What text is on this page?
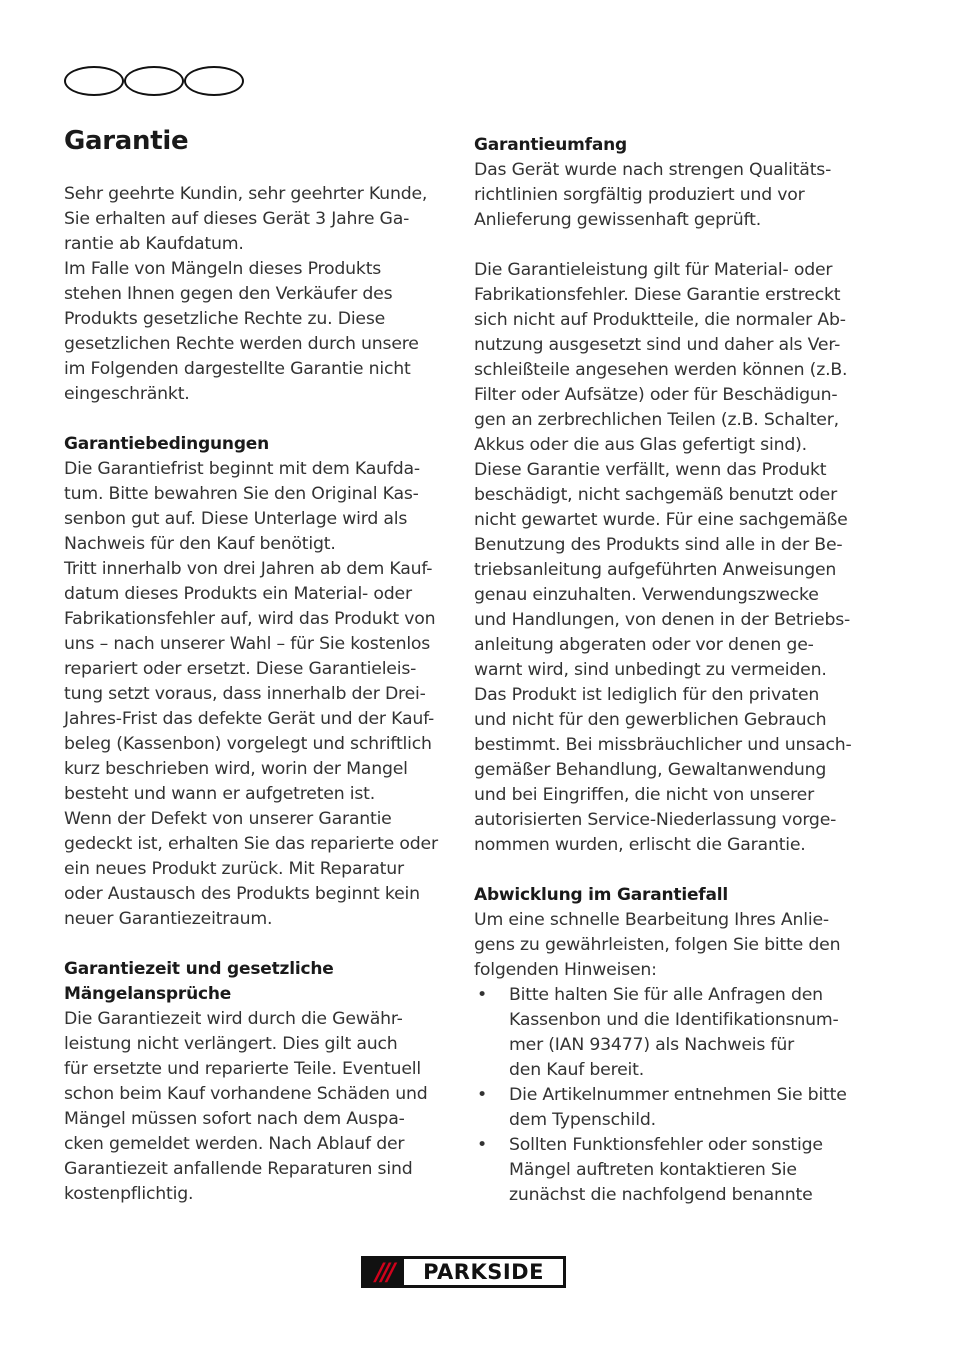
Garantie

Sehr geehrte Kundin, sehr geehrter Kunde,
Sie erhalten auf dieses Gerät 3 Jahre Ga-
rantie ab Kaufdatum.
Im Falle von Mängeln dieses Produkts
stehen Ihnen gegen den Verkäufer des
Produkts gesetzliche Rechte zu. Diese
gesetzlichen Rechte werden durch unsere
im Folgenden dargestellte Garantie nicht
eingeschränkt.

Garantiebedingungen

Die Garantiefrist beginnt mit dem Kaufda-
tum. Bitte bewahren Sie den Original Kas-
senbon gut auf. Diese Unterlage wird als
Nachweis für den Kauf benötigt.
Tritt innerhalb von drei Jahren ab dem Kauf-
datum dieses Produkts ein Material- oder
Fabrikationsfehler auf, wird das Produkt von
uns – nach unserer Wahl – für Sie kostenlos
repariert oder ersetzt. Diese Garantieleis-
tung setzt voraus, dass innerhalb der Drei-
Jahres-Frist das defekte Gerät und der Kauf-
beleg (Kassenbon) vorgelegt und schriftlich
kurz beschrieben wird, worin der Mangel
besteht und wann er aufgetreten ist.
Wenn der Defekt von unserer Garantie
gedeckt ist, erhalten Sie das reparierte oder
ein neues Produkt zurück. Mit Reparatur
oder Austausch des Produkts beginnt kein
neuer Garantiezeitraum.

Garantiezeit und gesetzliche
Mängelansprüche

Die Garantiezeit wird durch die Gewähr-
leistung nicht verlängert. Dies gilt auch
für ersetzte und reparierte Teile. Eventuell
schon beim Kauf vorhandene Schäden und
Mängel müssen sofort nach dem Auspa-
cken gemeldet werden. Nach Ablauf der
Garantiezeit anfallende Reparaturen sind
kostenpflichtig.

Garantieumfang

Das Gerät wurde nach strengen Qualitäts-
richtlinien sorgfältig produziert und vor
Anlieferung gewissenhaft geprüft.

Die Garantieleistung gilt für Material- oder
Fabrikationsfehler. Diese Garantie erstreckt
sich nicht auf Produktteile, die normaler Ab-
nutzung ausgesetzt sind und daher als Ver-
schleißteile angesehen werden können (z.B.
Filter oder Aufsätze) oder für Beschädigun-
gen an zerbrechlichen Teilen (z.B. Schalter,
Akkus oder die aus Glas gefertigt sind).
Diese Garantie verfällt, wenn das Produkt
beschädigt, nicht sachgemäß benutzt oder
nicht gewartet wurde. Für eine sachgemäße
Benutzung des Produkts sind alle in der Be-
triebsanleitung aufgeführten Anweisungen
genau einzuhalten. Verwendungszwecke
und Handlungen, von denen in der Betriebs-
anleitung abgeraten oder vor denen ge-
warnt wird, sind unbedingt zu vermeiden.
Das Produkt ist lediglich für den privaten
und nicht für den gewerblichen Gebrauch
bestimmt. Bei missbräuchlicher und unsach-
gemäßer Behandlung, Gewaltanwendung
und bei Eingriffen, die nicht von unserer
autorisierten Service-Niederlassung vorge-
nommen wurden, erlischt die Garantie.

Abwicklung im Garantiefall

Um eine schnelle Bearbeitung Ihres Anlie-
gens zu gewährleisten, folgen Sie bitte den
folgenden Hinweisen:

• Bitte halten Sie für alle Anfragen den
Kassenbon und die Identifikationsnum-
mer (IAN 93477) als Nachweis für
den Kauf bereit.
• Die Artikelnummer entnehmen Sie bitte
dem Typenschild.
• Sollten Funktionsfehler oder sonstige
Mängel auftreten kontaktieren Sie
zunächst die nachfolgend benannte
///	PARKSIDE
